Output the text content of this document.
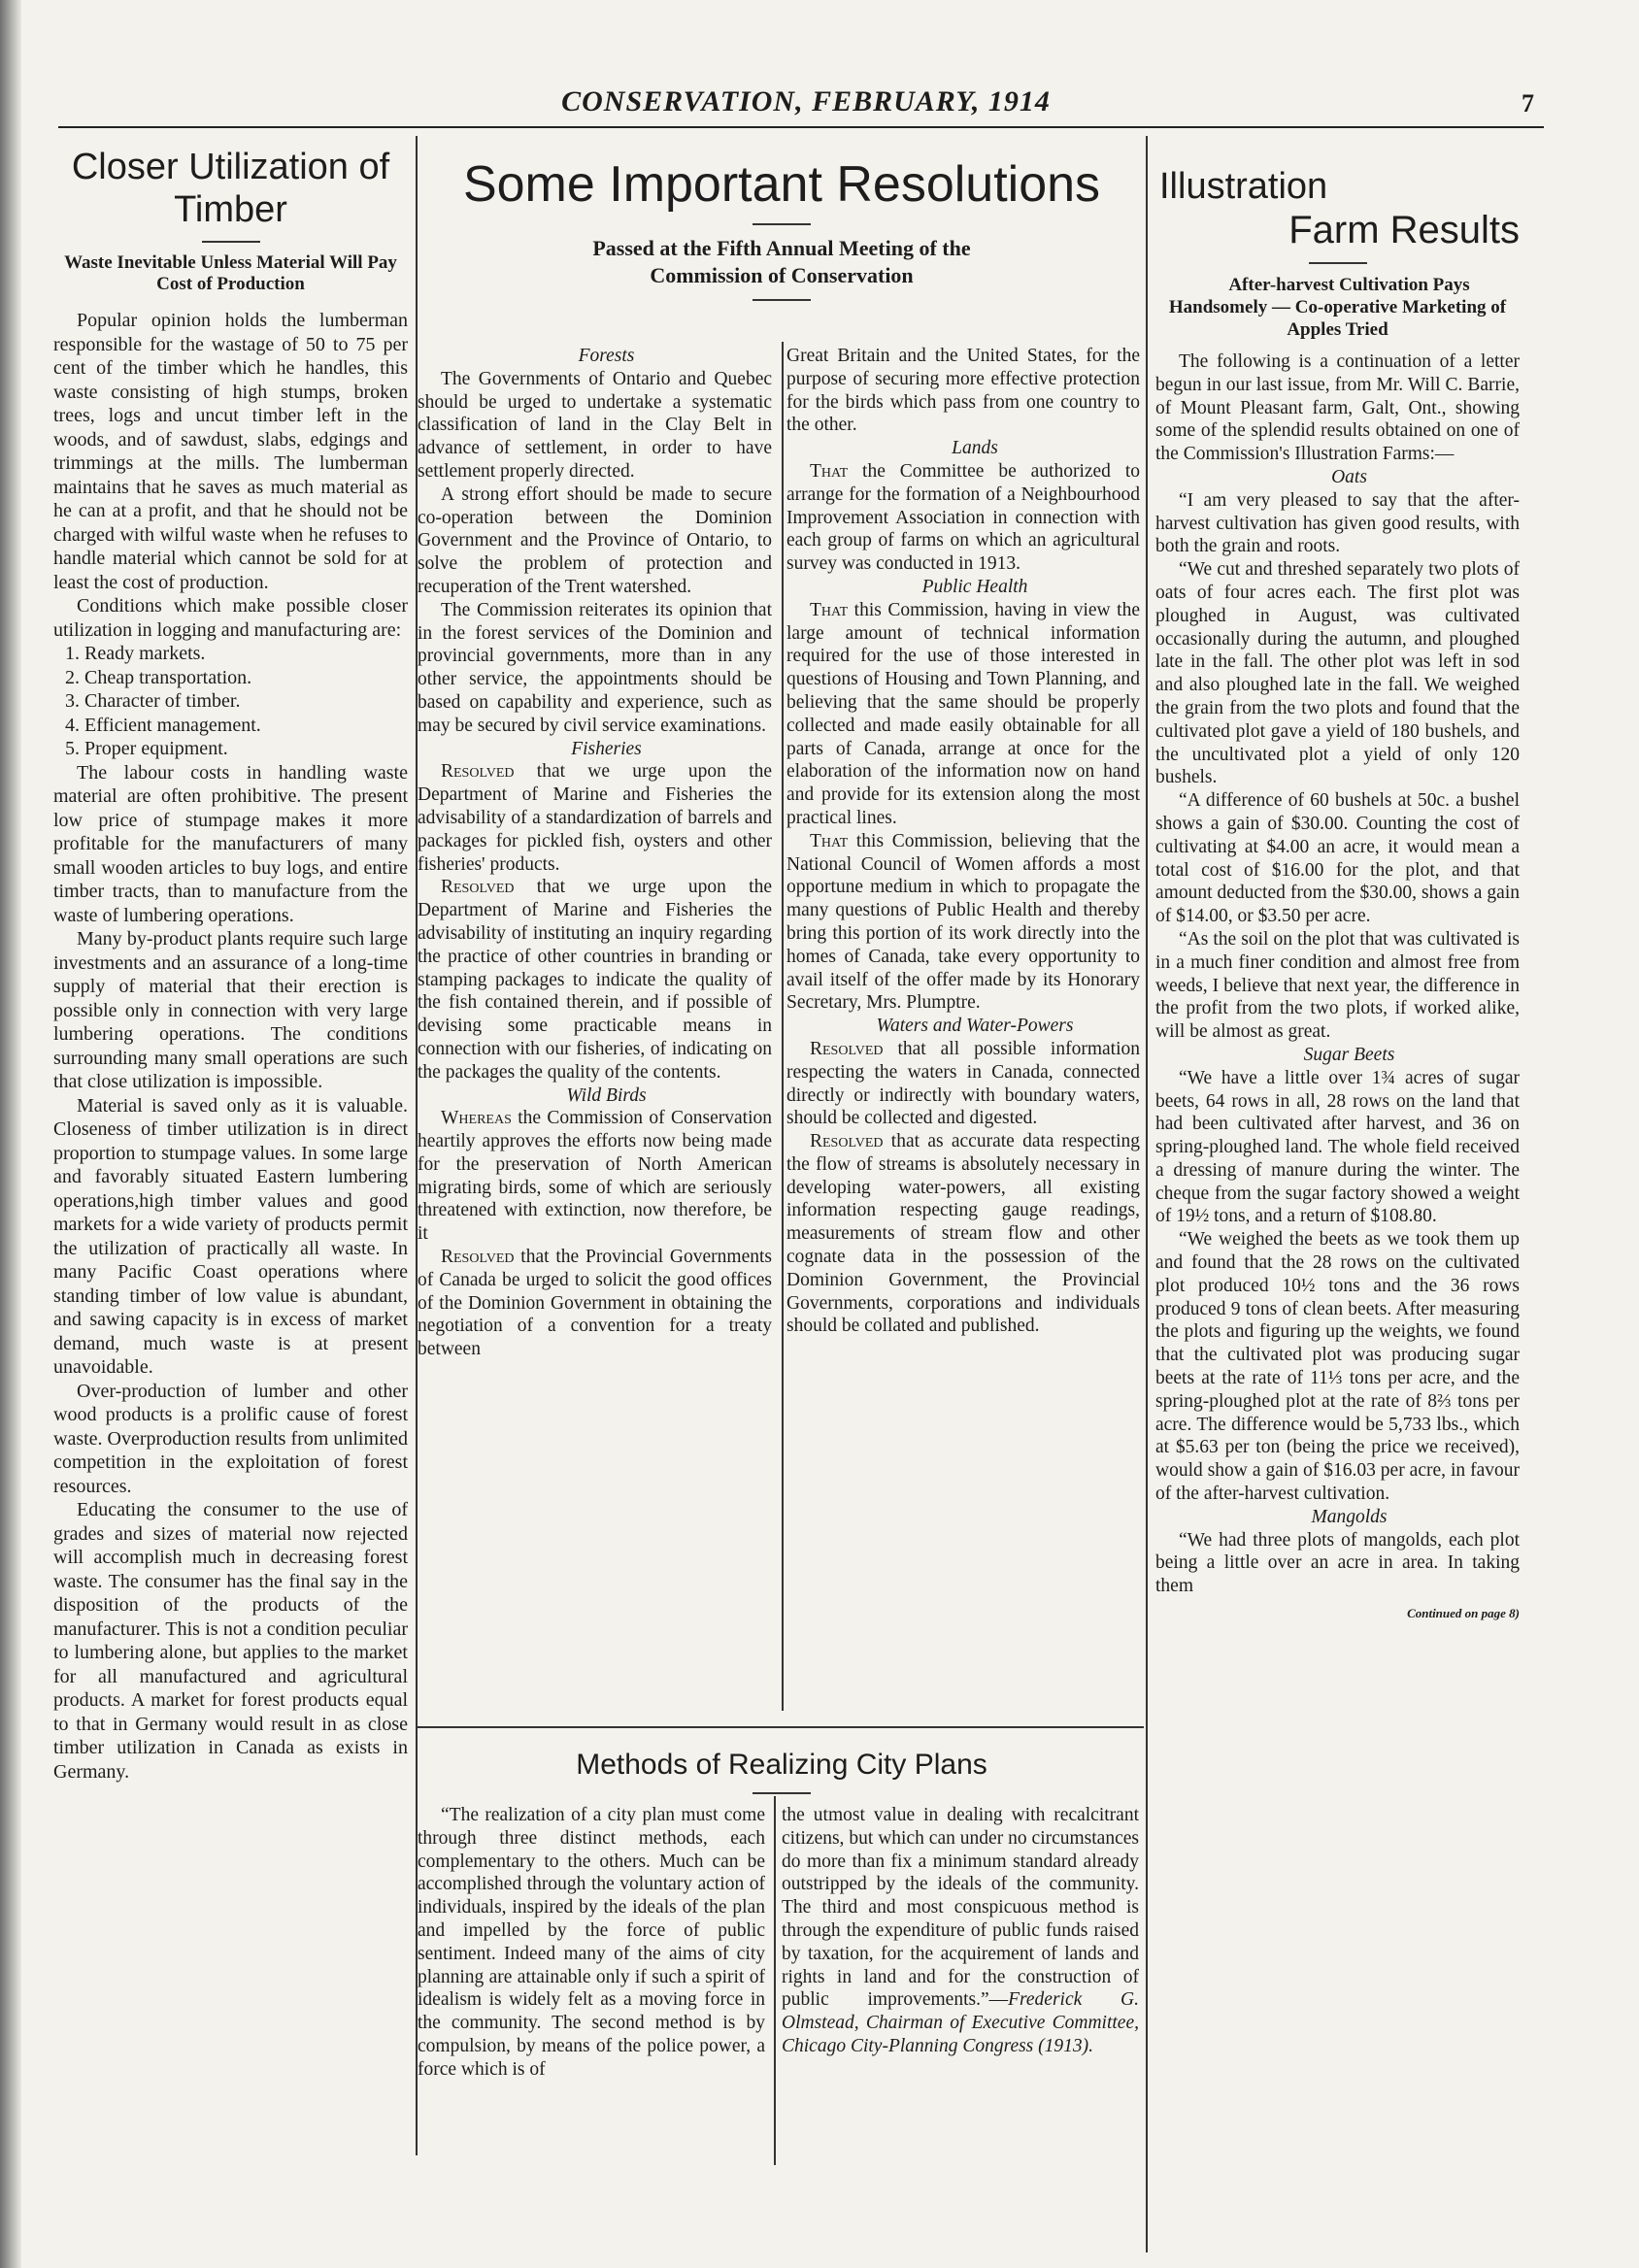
CONSERVATION, FEBRUARY, 1914	7
Closer Utilization of Timber

Waste Inevitable Unless Material Will Pay Cost of Production

Popular opinion holds the lumberman responsible for the wastage of 50 to 75 per cent of the timber which he handles, this waste consisting of high stumps, broken trees, logs and uncut timber left in the woods, and of sawdust, slabs, edgings and trimmings at the mills. The lumberman maintains that he saves as much material as he can at a profit, and that he should not be charged with wilful waste when he refuses to handle material which cannot be sold for at least the cost of production.

Conditions which make possible closer utilization in logging and manufacturing are:

1. Ready markets.
2. Cheap transportation.
3. Character of timber.
4. Efficient management.
5. Proper equipment.

The labour costs in handling waste material are often prohibitive. The present low price of stumpage makes it more profitable for the manufacturers of many small wooden articles to buy logs, and entire timber tracts, than to manufacture from the waste of lumbering operations.

Many by-product plants require such large investments and an assurance of a long-time supply of material that their erection is possible only in connection with very large lumbering operations. The conditions surrounding many small operations are such that close utilization is impossible.

Material is saved only as it is valuable. Closeness of timber utilization is in direct proportion to stumpage values. In some large and favorably situated Eastern lumbering operations,high timber values and good markets for a wide variety of products permit the utilization of practically all waste. In many Pacific Coast operations where standing timber of low value is abundant, and sawing capacity is in excess of market demand, much waste is at present unavoidable.

Over-production of lumber and other wood products is a prolific cause of forest waste. Overproduction results from unlimited competition in the exploitation of forest resources.

Educating the consumer to the use of grades and sizes of material now rejected will accomplish much in decreasing forest waste. The consumer has the final say in the disposition of the products of the manufacturer. This is not a condition peculiar to lumbering alone, but applies to the market for all manufactured and agricultural products. A market for forest products equal to that in Germany would result in as close timber utilization in Canada as exists in Germany.

Some Important Resolutions

Passed at the Fifth Annual Meeting of the Commission of Conservation

Forests

The Governments of Ontario and Quebec should be urged to undertake a systematic classification of land in the Clay Belt in advance of settlement, in order to have settlement properly directed.

A strong effort should be made to secure co-operation between the Dominion Government and the Province of Ontario, to solve the problem of protection and recuperation of the Trent watershed.

The Commission reiterates its opinion that in the forest services of the Dominion and provincial governments, more than in any other service, the appointments should be based on capability and experience, such as may be secured by civil service examinations.

Fisheries

Resolved that we urge upon the Department of Marine and Fisheries the advisability of a standardization of barrels and packages for pickled fish, oysters and other fisheries' products.

Resolved that we urge upon the Department of Marine and Fisheries the advisability of instituting an inquiry regarding the practice of other countries in branding or stamping packages to indicate the quality of the fish contained therein, and if possible of devising some practicable means in connection with our fisheries, of indicating on the packages the quality of the contents.

Wild Birds

Whereas the Commission of Conservation heartily approves the efforts now being made for the preservation of North American migrating birds, some of which are seriously threatened with extinction, now therefore, be it

Resolved that the Provincial Governments of Canada be urged to solicit the good offices of the Dominion Government in obtaining the negotiation of a convention for a treaty between

Great Britain and the United States, for the purpose of securing more effective protection for the birds which pass from one country to the other.

Lands

That the Committee be authorized to arrange for the formation of a Neighbourhood Improvement Association in connection with each group of farms on which an agricultural survey was conducted in 1913.

Public Health

That this Commission, having in view the large amount of technical information required for the use of those interested in questions of Housing and Town Planning, and believing that the same should be properly collected and made easily obtainable for all parts of Canada, arrange at once for the elaboration of the information now on hand and provide for its extension along the most practical lines.

That this Commission, believing that the National Council of Women affords a most opportune medium in which to propagate the many questions of Public Health and thereby bring this portion of its work directly into the homes of Canada, take every opportunity to avail itself of the offer made by its Honorary Secretary, Mrs. Plumptre.

Waters and Water-Powers

Resolved that all possible information respecting the waters in Canada, connected directly or indirectly with boundary waters, should be collected and digested.

Resolved that as accurate data respecting the flow of streams is absolutely necessary in developing water-powers, all existing information respecting gauge readings, measurements of stream flow and other cognate data in the possession of the Dominion Government, the Provincial Governments, corporations and individuals should be collated and published.

Methods of Realizing City Plans

“The realization of a city plan must come through three distinct methods, each complementary to the others. Much can be accomplished through the voluntary action of individuals, inspired by the ideals of the plan and impelled by the force of public sentiment. Indeed many of the aims of city planning are attainable only if such a spirit of idealism is widely felt as a moving force in the community. The second method is by compulsion, by means of the police power, a force which is of

the utmost value in dealing with recalcitrant citizens, but which can under no circumstances do more than fix a minimum standard already outstripped by the ideals of the community. The third and most conspicuous method is through the expenditure of public funds raised by taxation, for the acquirement of lands and rights in land and for the construction of public improvements.”—Frederick G. Olmstead, Chairman of Executive Committee, Chicago City-Planning Congress (1913).

Illustration
Farm Results

After-harvest Cultivation Pays Handsomely — Co-operative Marketing of Apples Tried

The following is a continuation of a letter begun in our last issue, from Mr. Will C. Barrie, of Mount Pleasant farm, Galt, Ont., showing some of the splendid results obtained on one of the Commission's Illustration Farms:—

Oats

“I am very pleased to say that the after-harvest cultivation has given good results, with both the grain and roots.

“We cut and threshed separately two plots of oats of four acres each. The first plot was ploughed in August, was cultivated occasionally during the autumn, and ploughed late in the fall. The other plot was left in sod and also ploughed late in the fall. We weighed the grain from the two plots and found that the cultivated plot gave a yield of 180 bushels, and the uncultivated plot a yield of only 120 bushels.

“A difference of 60 bushels at 50c. a bushel shows a gain of $30.00. Counting the cost of cultivating at $4.00 an acre, it would mean a total cost of $16.00 for the plot, and that amount deducted from the $30.00, shows a gain of $14.00, or $3.50 per acre.

“As the soil on the plot that was cultivated is in a much finer condition and almost free from weeds, I believe that next year, the difference in the profit from the two plots, if worked alike, will be almost as great.

Sugar Beets

“We have a little over 1¾ acres of sugar beets, 64 rows in all, 28 rows on the land that had been cultivated after harvest, and 36 on spring-ploughed land. The whole field received a dressing of manure during the winter. The cheque from the sugar factory showed a weight of 19½ tons, and a return of $108.80.

“We weighed the beets as we took them up and found that the 28 rows on the cultivated plot produced 10½ tons and the 36 rows produced 9 tons of clean beets. After measuring the plots and figuring up the weights, we found that the cultivated plot was producing sugar beets at the rate of 11⅓ tons per acre, and the spring-ploughed plot at the rate of 8⅔ tons per acre. The difference would be 5,733 lbs., which at $5.63 per ton (being the price we received), would show a gain of $16.03 per acre, in favour of the after-harvest cultivation.

Mangolds

“We had three plots of mangolds, each plot being a little over an acre in area. In taking them

Continued on page 8)
